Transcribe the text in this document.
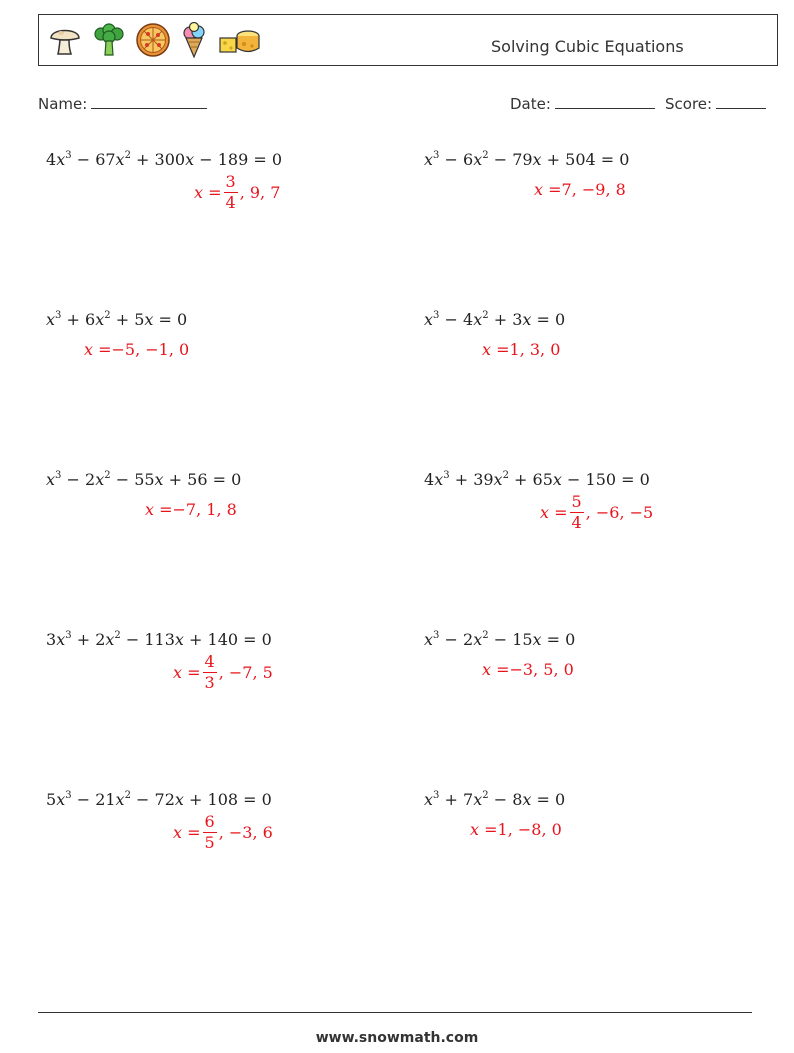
Solving Cubic Equations
Name:	Date:	Score:
$4x^3 - 67x^2 + 300x - 189 = 0$
$x = \frac{3}{4}$ , 9, 7
$x^3 - 6x^2 - 79x + 504 = 0$
x = 7, −9, 8
$x^3 + 6x^2 + 5x = 0$
x = −5, −1, 0
$x^3 - 4x^2 + 3x = 0$
x = 1, 3, 0
$x^3 - 2x^2 - 55x + 56 = 0$
x = −7, 1, 8
$4x^3 + 39x^2 + 65x - 150 = 0$
$x = \frac{5}{4}$ , −6, −5
$3x^3 + 2x^2 - 113x + 140 = 0$
$x = \frac{4}{3}$ , −7, 5
$x^3 - 2x^2 - 15x = 0$
x = −3, 5, 0
$5x^3 - 21x^2 - 72x + 108 = 0$
$x = \frac{6}{5}$ , −3, 6
$x^3 + 7x^2 - 8x = 0$
x = 1, −8, 0
www.snowmath.com
